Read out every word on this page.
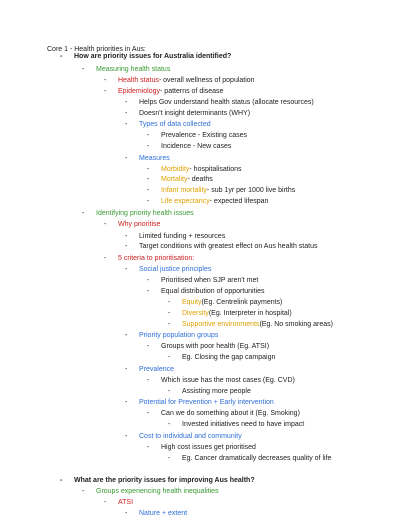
Core 1 - Health priorities in Aus:
-	How are priority issues for Australia identified?
-	Measuring health status
-	Health status - overall wellness of population
-	Epidemiology - patterns of disease
-	Helps Gov understand health status (allocate resources)
-	Doesn't insight determinants (WHY)
-	Types of data collected
-	Prevalence - Existing cases
-	Incidence - New cases
-	Measures
-	Morbidity - hospitalisations
-	Mortality - deaths
-	Infant mortality - sub 1yr per 1000 live births
-	Life expectancy - expected lifespan
-	Identifying priority health issues
-	Why prioritise
-	Limited funding + resources
-	Target conditions with greatest effect on Aus health status
-	5 criteria to prioritisation:
-	Social justice principles
-	Prioritised when SJP aren't met
-	Equal distribution of opportunities
-	Equity (Eg. Centrelink payments)
-	Diversity (Eg. Interpreter in hospital)
-	Supportive environments (Eg. No smoking areas)
-	Priority population groups
-	Groups with poor health (Eg. ATSI)
-	Eg. Closing the gap campaign
-	Prevalence
-	Which issue has the most cases (Eg. CVD)
-	Assisting more people
-	Potential for Prevention + Early intervention
-	Can we do something about it (Eg. Smoking)
-	Invested initiatives need to have impact
-	Cost to individual and community
-	High cost issues get prioritised
-	Eg. Cancer dramatically decreases quality of life
-	What are the priority issues for improving Aus health?
-	Groups experiencing health inequalities
-	ATSI
-	Nature + extent
